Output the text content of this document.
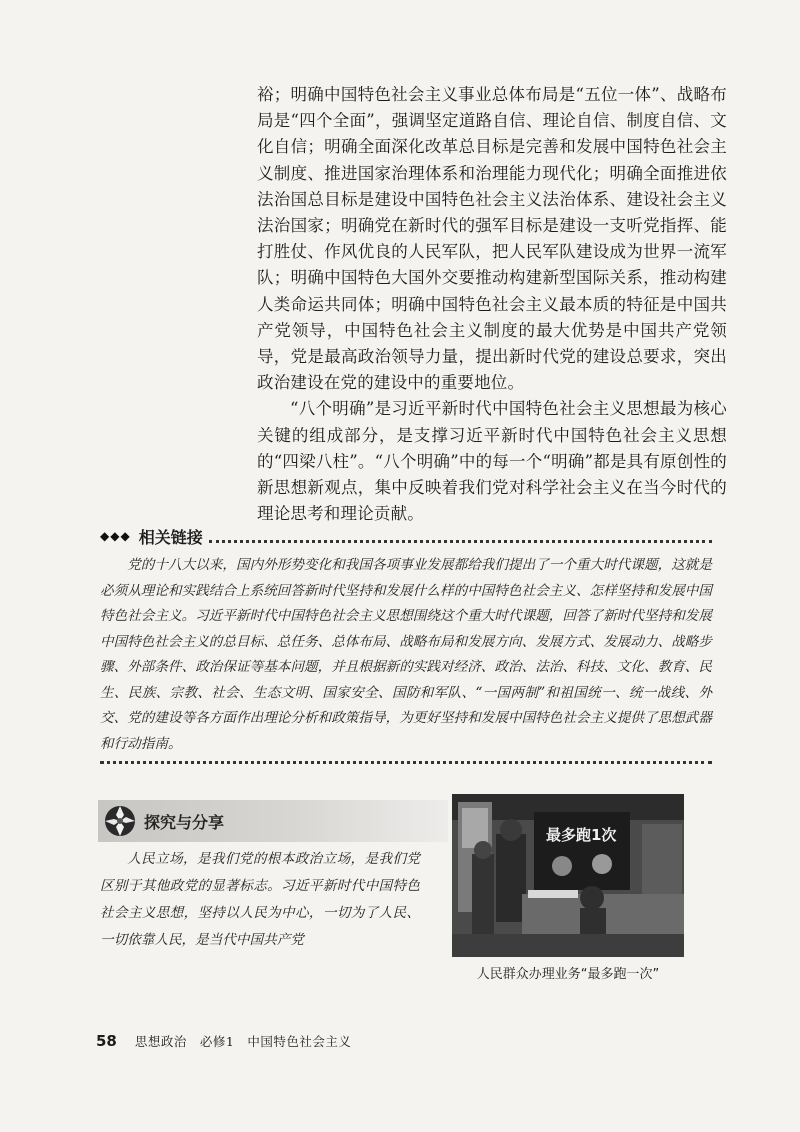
裕；明确中国特色社会主义事业总体布局是“五位一体”、战略布局是“四个全面”，强调坚定道路自信、理论自信、制度自信、文化自信；明确全面深化改革总目标是完善和发展中国特色社会主义制度、推进国家治理体系和治理能力现代化；明确全面推进依法治国总目标是建设中国特色社会主义法治体系、建设社会主义法治国家；明确党在新时代的强军目标是建设一支听党指挥、能打胜仗、作风优良的人民军队，把人民军队建设成为世界一流军队；明确中国特色大国外交要推动构建新型国际关系，推动构建人类命运共同体；明确中国特色社会主义最本质的特征是中国共产党领导，中国特色社会主义制度的最大优势是中国共产党领导，党是最高政治领导力量，提出新时代党的建设总要求，突出政治建设在党的建设中的重要地位。

“八个明确”是习近平新时代中国特色社会主义思想最为核心关键的组成部分，是支撑习近平新时代中国特色社会主义思想的“四梁八柱”。“八个明确”中的每一个“明确”都是具有原创性的新思想新观点，集中反映着我们党对科学社会主义在当今时代的理论思考和理论贡献。

◆◆◆ 相关链接

党的十八大以来，国内外形势变化和我国各项事业发展都给我们提出了一个重大时代课题，这就是必须从理论和实践结合上系统回答新时代坚持和发展什么样的中国特色社会主义、怎样坚持和发展中国特色社会主义。习近平新时代中国特色社会主义思想围绕这个重大时代课题，回答了新时代坚持和发展中国特色社会主义的总目标、总任务、总体布局、战略布局和发展方向、发展方式、发展动力、战略步骤、外部条件、政治保证等基本问题，并且根据新的实践对经济、政治、法治、科技、文化、教育、民生、民族、宗教、社会、生态文明、国家安全、国防和军队、“一国两制”和祖国统一、统一战线、外交、党的建设等各方面作出理论分析和政策指导，为更好坚持和发展中国特色社会主义提供了思想武器和行动指南。

探究与分享

人民立场，是我们党的根本政治立场，是我们党区别于其他政党的显著标志。习近平新时代中国特色社会主义思想，坚持以人民为中心，一切为了人民、一切依靠人民，是当代中国共产党

最多跑1次
人民群众办理业务“最多跑一次”
58 思想政治　必修1　中国特色社会主义
